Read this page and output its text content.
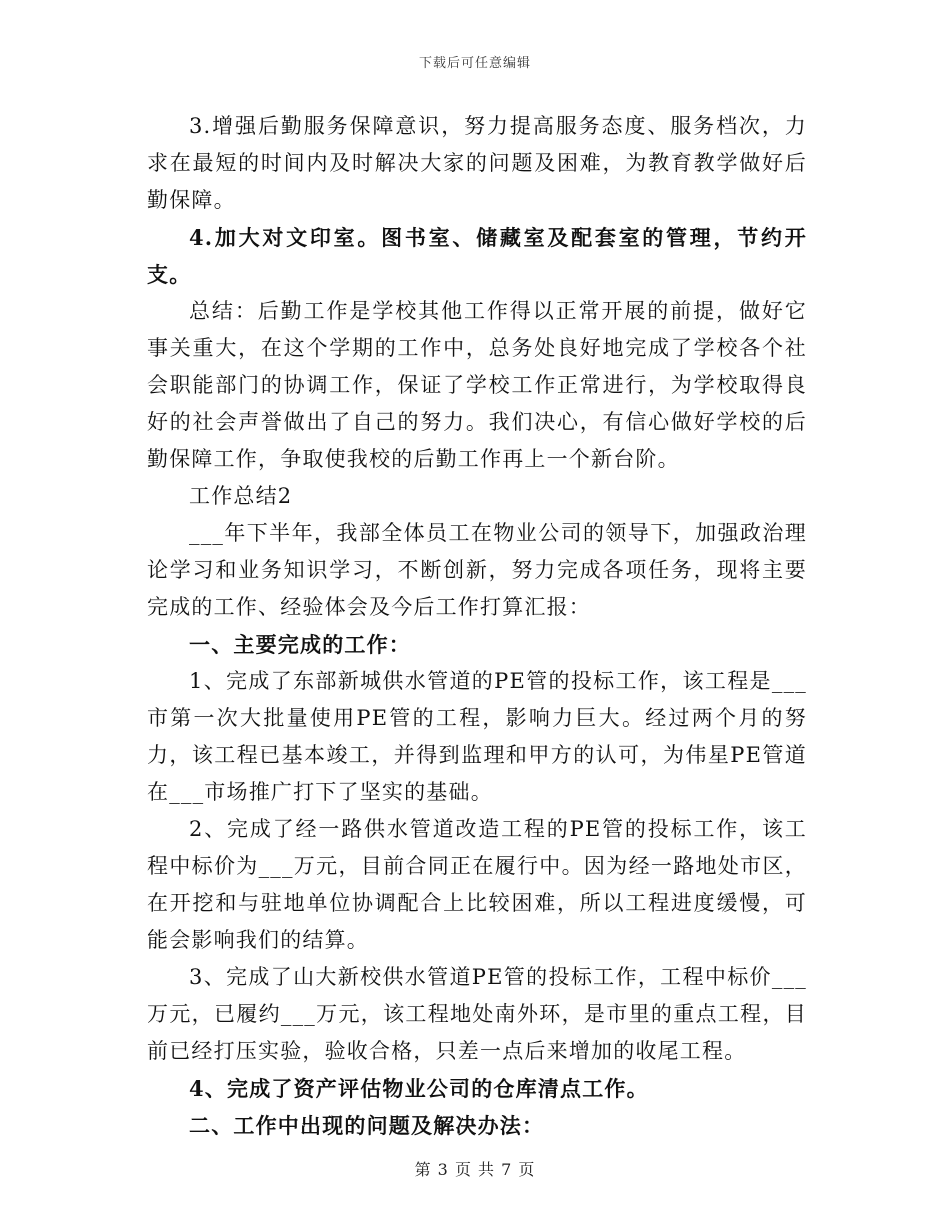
下载后可任意编辑

3.增强后勤服务保障意识，努力提高服务态度、服务档次，力求在最短的时间内及时解决大家的问题及困难，为教育教学做好后勤保障。

4.加大对文印室。图书室、储藏室及配套室的管理，节约开支。

总结：后勤工作是学校其他工作得以正常开展的前提，做好它事关重大，在这个学期的工作中，总务处良好地完成了学校各个社会职能部门的协调工作，保证了学校工作正常进行，为学校取得良好的社会声誉做出了自己的努力。我们决心，有信心做好学校的后勤保障工作，争取使我校的后勤工作再上一个新台阶。

工作总结2

___年下半年，我部全体员工在物业公司的领导下，加强政治理论学习和业务知识学习，不断创新，努力完成各项任务，现将主要完成的工作、经验体会及今后工作打算汇报：

一、主要完成的工作：

1、完成了东部新城供水管道的PE管的投标工作，该工程是___市第一次大批量使用PE管的工程，影响力巨大。经过两个月的努力，该工程已基本竣工，并得到监理和甲方的认可，为伟星PE管道在___市场推广打下了坚实的基础。

2、完成了经一路供水管道改造工程的PE管的投标工作，该工程中标价为___万元，目前合同正在履行中。因为经一路地处市区，在开挖和与驻地单位协调配合上比较困难，所以工程进度缓慢，可能会影响我们的结算。

3、完成了山大新校供水管道PE管的投标工作，工程中标价___万元，已履约___万元，该工程地处南外环，是市里的重点工程，目前已经打压实验，验收合格，只差一点后来增加的收尾工程。

4、完成了资产评估物业公司的仓库清点工作。

二、工作中出现的问题及解决办法：

第 3 页 共 7 页
